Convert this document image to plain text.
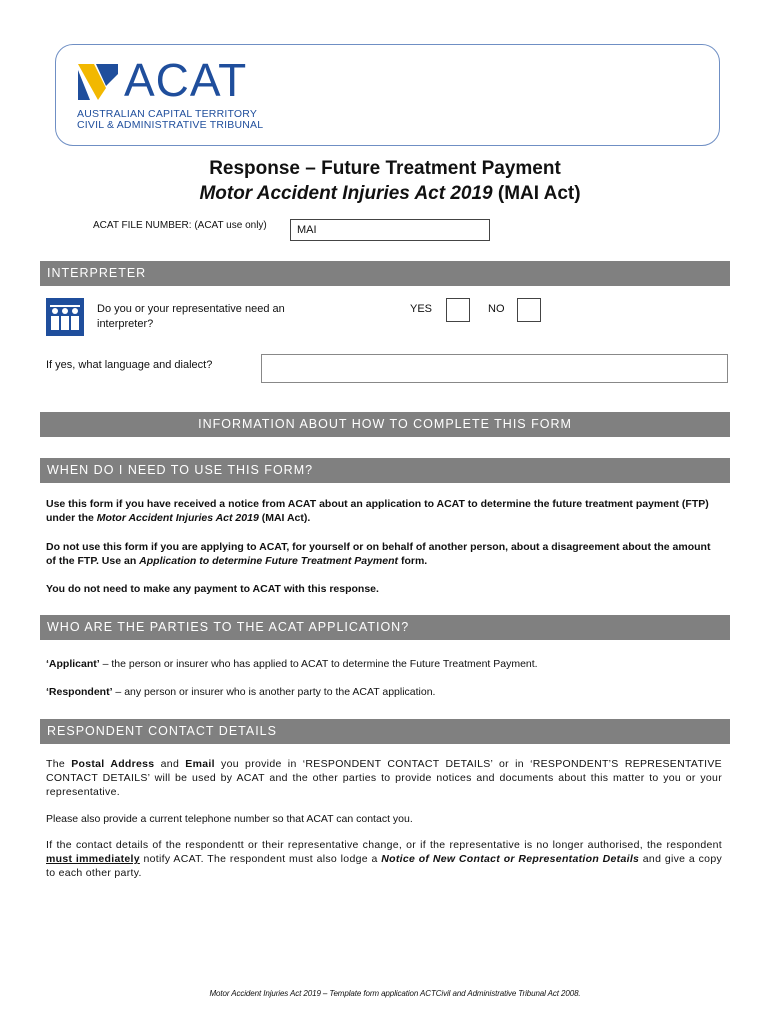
ACAT
AUSTRALIAN CAPITAL TERRITORY
CIVIL & ADMINISTRATIVE TRIBUNAL
Response – Future Treatment Payment
Motor Accident Injuries Act 2019 (MAI Act)
ACAT FILE NUMBER: (ACAT use only)	MAI
INTERPRETER
Do you or your representative need an interpreter?
YES	NO
If yes, what language and dialect?
INFORMATION ABOUT HOW TO COMPLETE THIS FORM
WHEN DO I NEED TO USE THIS FORM?
Use this form if you have received a notice from ACAT about an application to ACAT to determine the future treatment payment (FTP) under the Motor Accident Injuries Act 2019 (MAI Act).
Do not use this form if you are applying to ACAT, for yourself or on behalf of another person, about a disagreement about the amount of the FTP. Use an Application to determine Future Treatment Payment form.
You do not need to make any payment to ACAT with this response.
WHO ARE THE PARTIES TO THE ACAT APPLICATION?
‘Applicant’ – the person or insurer who has applied to ACAT to determine the Future Treatment Payment.
‘Respondent’ – any person or insurer who is another party to the ACAT application.
RESPONDENT CONTACT DETAILS
The Postal Address and Email you provide in ‘RESPONDENT CONTACT DETAILS’ or in ‘RESPONDENT’S REPRESENTATIVE CONTACT DETAILS’ will be used by ACAT and the other parties to provide notices and documents about this matter to you or your representative.
Please also provide a current telephone number so that ACAT can contact you.
If the contact details of the respondentt or their representative change, or if the representative is no longer authorised, the respondent must immediately notify ACAT. The respondent must also lodge a Notice of New Contact or Representation Details and give a copy to each other party.
Motor Accident Injuries Act 2019 – Template form application ACTCivil and Administrative Tribunal Act 2008.
